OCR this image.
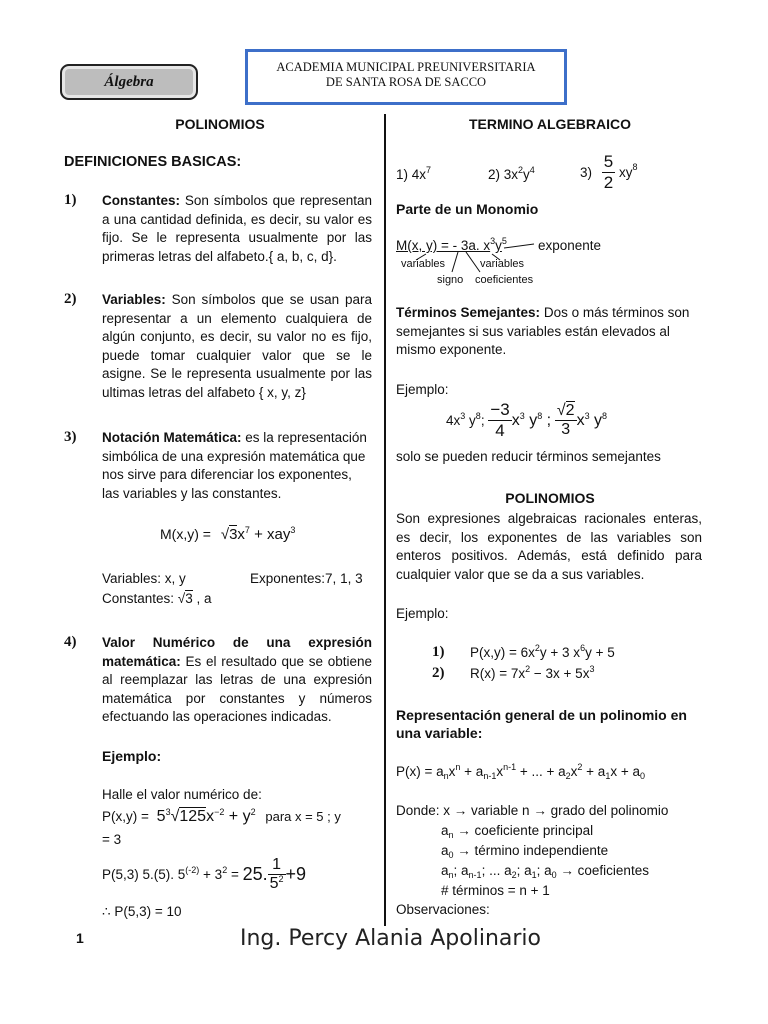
Álgebra
ACADEMIA MUNICIPAL PREUNIVERSITARIA
DE SANTA ROSA DE SACCO
POLINOMIOS
DEFINICIONES BASICAS:
1) Constantes: Son símbolos que representan a una cantidad definida, es decir, su valor es fijo. Se le representa usualmente por las primeras letras del alfabeto.{ a, b, c, d}.
2) Variables: Son símbolos que se usan para representar a un elemento cualquiera de algún conjunto, es decir, su valor no es fijo, puede tomar cualquier valor que se le asigne. Se le representa usualmente por las ultimas letras del alfabeto { x, y, z}
3) Notación Matemática: es la representación simbólica de una expresión matemática que nos sirve para diferenciar los exponentes, las variables y las constantes.
$M(x,y) = √3x^7 + xay^3$
Variables: x, y	Exponentes:7, 1, 3
Constantes: √3 , a
4) Valor Numérico de una expresión matemática: Es el resultado que se obtiene al reemplazar las letras de una expresión matemática por constantes y números efectuando las operaciones indicadas.
Ejemplo:
Halle el valor numérico de:
$P(x,y) = 5^3√125x^{-2} + y^2$ para x = 5 ; y
= 3
P(5,3) 5.(5). $5^{(-2)} + 3^2 = 25$. $\frac{1}{5^2} +9$
∴ P(5,3) = 10
TERMINO ALGEBRAICO
1) $4x^7$	2) $3x^2y^4$	$3) \frac{5}{2} xy^8$
Parte de un Monomio
M(x, y) = - 3a. $x^3y^5$ exponente
variables	variables
signo coeficientes
Términos Semejantes: Dos o más términos son semejantes si sus variables están elevados al mismo exponente.
Ejemplo:
$4x^3$ $y^8$; $\frac{-3}{4} x^3$ $y^8$ ; $\frac{√2}{3} x^3$ $y^8$
solo se pueden reducir términos semejantes
POLINOMIOS
Son expresiones algebraicas racionales enteras, es decir, los exponentes de las variables son enteros positivos. Además, está definido para cualquier valor que se da a sus variables.
Ejemplo:
1) $P(x,y) = 6x^2y + 3$ $x^6y + 5$
2) $R(x) = 7x^2 - 3x + 5x^3$
Representación general de un polinomio en una variable:
$P(x) = a_nx^n + a_{n-1}x^{n-1}$ + ... + $a_2x^2 + a_1x + a_0$
Donde: x → variable n → grado del polinomio
$a_n$ → coeficiente principal
$a_0$ → término independiente
$a_n$; $a_{n-1}$; ... $a_2$; $a_1$; $a_0$ → coeficientes
# términos = n + 1
Observaciones:
1	Ing. Percy Alania Apolinario
